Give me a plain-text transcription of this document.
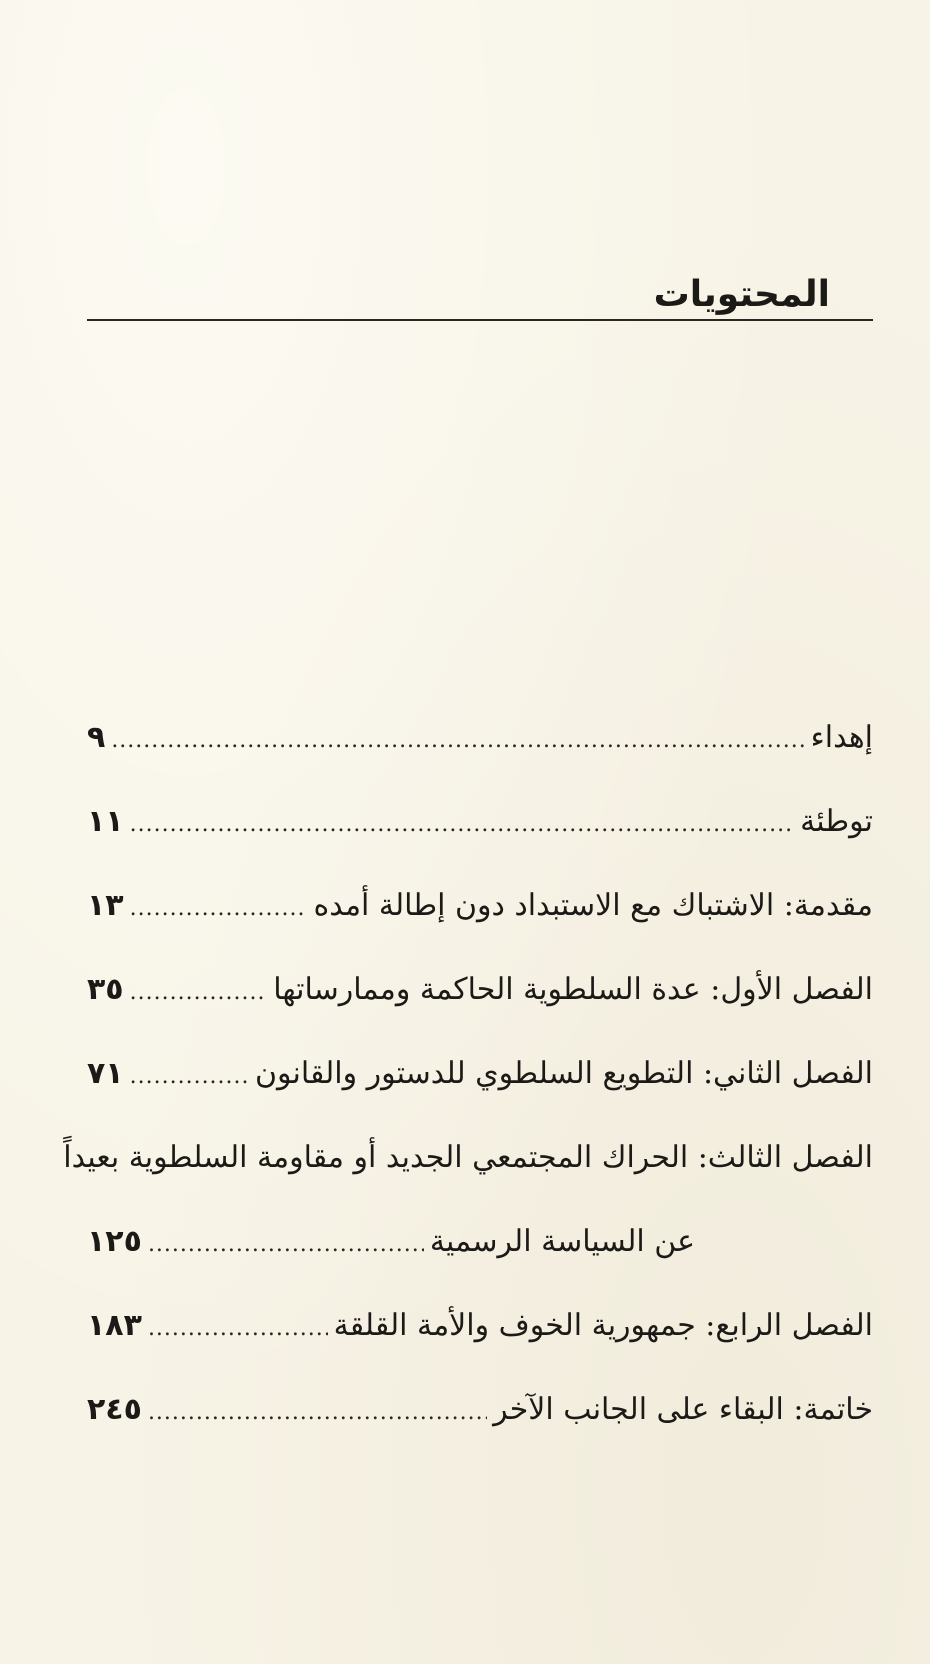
المحتويات
إهداء
.....
٩
توطئة
.....
١١
مقدمة: الاشتباك مع الاستبداد دون إطالة أمده
.....
١٣
الفصل الأول: عدة السلطوية الحاكمة وممارساتها
.....
٣٥
الفصل الثاني: التطويع السلطوي للدستور والقانون
.....
٧١
الفصل الثالث: الحراك المجتمعي الجديد أو مقاومة السلطوية بعيداً
عن السياسة الرسمية
.....
١٢٥
الفصل الرابع: جمهورية الخوف والأمة القلقة
.....
١٨٣
خاتمة: البقاء على الجانب الآخر
.....
٢٤٥
